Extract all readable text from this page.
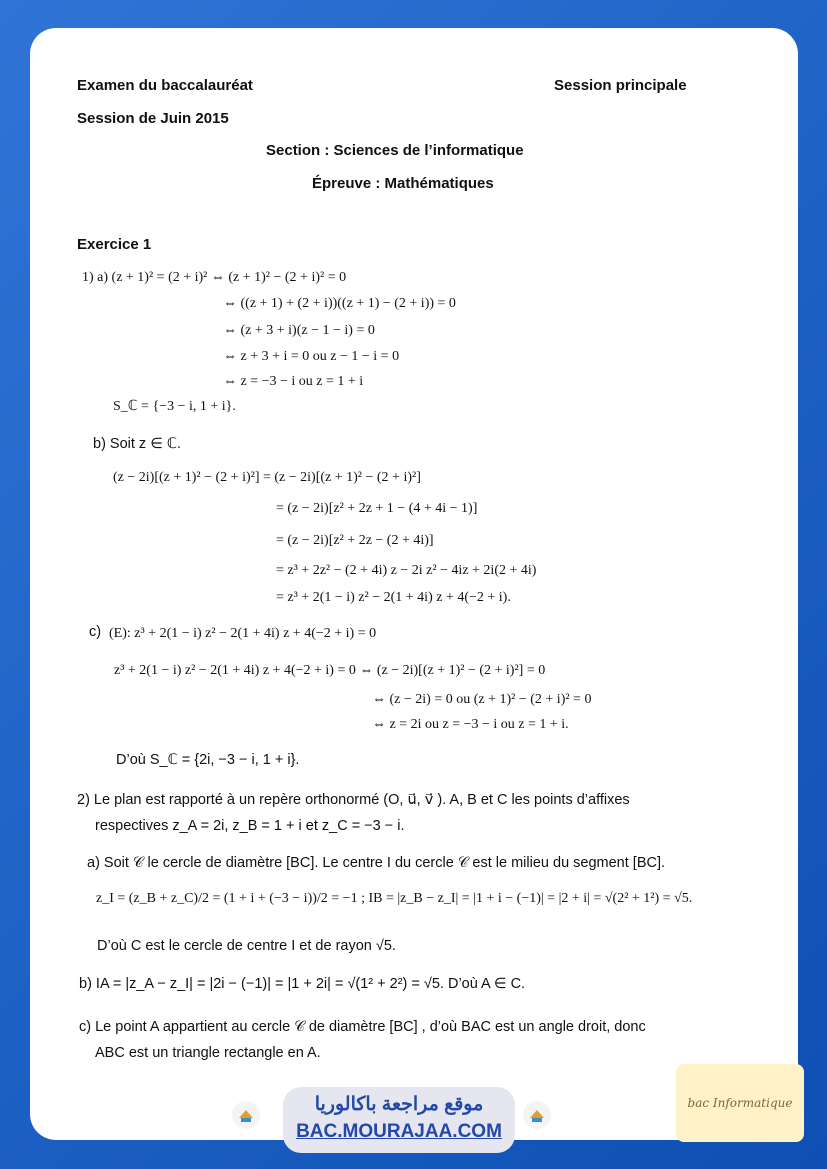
Examen du baccalauréat	Session principale
Session de Juin 2015
Section : Sciences de l’informatique
Épreuve : Mathématiques
Exercice 1
1) a) (z + 1)² = (2 + i)² ⇔ (z + 1)² − (2 + i)² = 0
⇔ ((z + 1) + (2 + i))((z + 1) − (2 + i)) = 0
⇔ (z + 3 + i)(z − 1 − i) = 0
⇔ z + 3 + i = 0 ou z − 1 − i = 0
⇔ z = −3 − i ou z = 1 + i
S_ℂ = {−3 − i, 1 + i}.
b) Soit z ∈ ℂ.
(z − 2i)[(z + 1)² − (2 + i)²] = (z − 2i)[(z + 1)² − (2 + i)²]
= (z − 2i)[z² + 2z + 1 − (4 + 4i − 1)]
= (z − 2i)[z² + 2z − (2 + 4i)]
= z³ + 2z² − (2 + 4i) z − 2i z² − 4iz + 2i(2 + 4i)
= z³ + 2(1 − i) z² − 2(1 + 4i) z + 4(−2 + i).
c) (E): z³ + 2(1 − i) z² − 2(1 + 4i) z + 4(−2 + i) = 0
z³ + 2(1 − i) z² − 2(1 + 4i) z + 4(−2 + i) = 0 ⇔ (z − 2i)[(z + 1)² − (2 + i)²] = 0
⇔ (z − 2i) = 0 ou (z + 1)² − (2 + i)² = 0
⇔ z = 2i ou z = −3 − i ou z = 1 + i.
D’où S_ℂ = {2i, −3 − i, 1 + i}.
2) Le plan est rapporté à un repère orthonormé (O, u⃗, v⃗ ). A, B et C les points d’affixes
respectives z_A = 2i, z_B = 1 + i et z_C = −3 − i.
a) Soit 𝒞 le cercle de diamètre [BC]. Le centre I du cercle 𝒞 est le milieu du segment [BC].
z_I = (z_B + z_C)/2 = (1 + i + (−3 − i))/2 = −1 ; IB = |z_B − z_I| = |1 + i − (−1)| = |2 + i| = √(2² + 1²) = √5.
D’où C est le cercle de centre I et de rayon √5.
b) IA = |z_A − z_I| = |2i − (−1)| = |1 + 2i| = √(1² + 2²) = √5. D’où A ∈ C.
c) Le point A appartient au cercle 𝒞 de diamètre [BC] , d’où BAC est un angle droit, donc
ABC est un triangle rectangle en A.
موقع مراجعة باكالوريا
BAC.MOURAJAA.COM
bac Informatique
